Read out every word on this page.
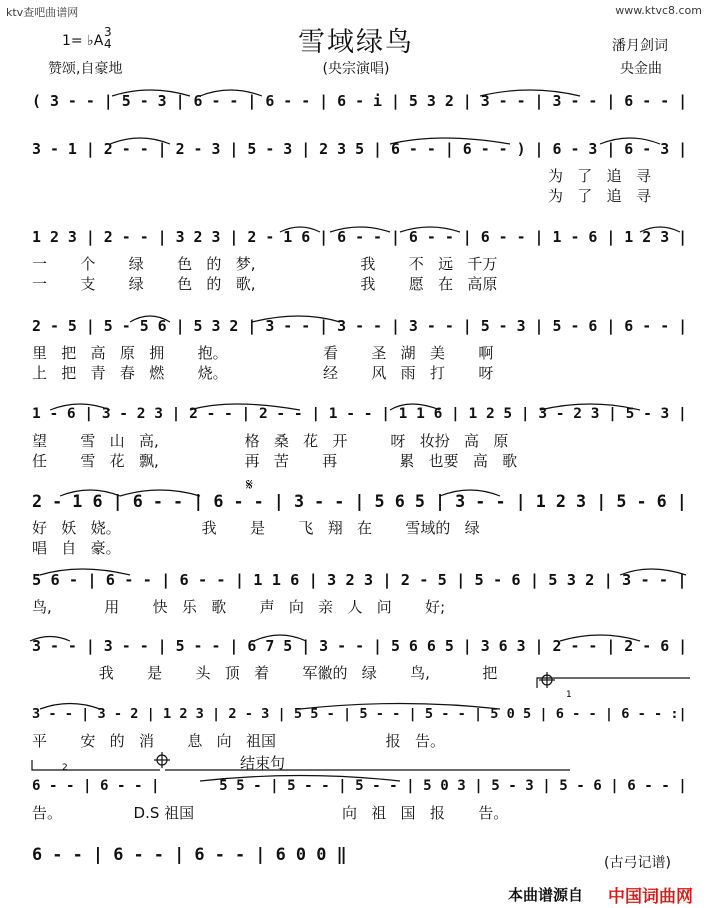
ktv查吧曲谱网	www.ktvc8.com
雪域绿鸟
1= ♭A
3
4
赞颂,自豪地	(央宗演唱)
潘月剑词
央金曲
( 3 - - | 5 - 3 | 6 - - | 6 - - | 6 - i | 5 3 2 | 3 - - | 3 - - | 6 - - |
3 - 1 | 2 - - | 2 - 3 | 5 - 3 | 2 3 5 | 6 - - | 6 - - ) | 6 - 3 | 6 - 3 |
为   了   追   寻
为   了   追   寻
1 2 3 | 2 - - | 3 2 3 | 2 - 1 6 | 6 - - | 6 - - | 6 - - | 1 - 6 | 1 2 3 |
一       个       绿       色   的   梦,                      我       不   远   千万
一       支       绿       色   的   歌,                      我       愿   在   高原
2 - 5 | 5 - 5 6 | 5 3 2 | 3 - - | 3 - - | 3 - - | 5 - 3 | 5 - 6 | 6 - - |
里   把   高   原   拥       抱。                    看       圣   湖   美       啊
上   把   青   春   燃       烧。                    经       风   雨   打       呀
1 - 6 | 3 - 2 3 | 2 - - | 2 - - | 1 - - | 1 1 6 | 1 2 5 | 3 - 2 3 | 5 - 3 |
望       雪   山   高,                  格   桑   花   开         呀   妆扮   高   原
任       雪   花   飘,                  再   苦       再             累   也要   高   歌
2 - 1 6 | 6 - - | 6 - - | 3 - - | 5 6 5 | 3 - - | 1 2 3 | 5 - 6 |
好   妖   娆。                 我       是       飞   翔   在       雪域的   绿
唱   自   豪。
5 6 - | 6 - - | 6 - - | 1 1 6 | 3 2 3 | 2 - 5 | 5 - 6 | 5 3 2 | 3 - - |
鸟,           用       快   乐   歌       声   向   亲   人   问       好;
3 - - | 3 - - | 5 - - | 6 7 5 | 3 - - | 5 6 6 5 | 3 6 3 | 2 - - | 2 - 6 |
我       是       头   顶   着       军徽的   绿       鸟,           把
3 - - | 3 - 2 | 1 2 3 | 2 - 3 | 5 5 - | 5 - - | 5 - - | 5 0 5 | 6 - - | 6 - - :|
平       安   的   消       息   向   祖国                       报   告。
6 - - | 6 - - |       5 5 - | 5 - - | 5 - - | 5 0 3 | 5 - 3 | 5 - 6 | 6 - - |
告。               D.S 祖国                               向   祖   国   报       告。
6 - - | 6 - - | 6 - - | 6 0 0 ‖
𝄋
1
2	结束句
(古弓记谱)
本曲谱源自 中国词曲网
